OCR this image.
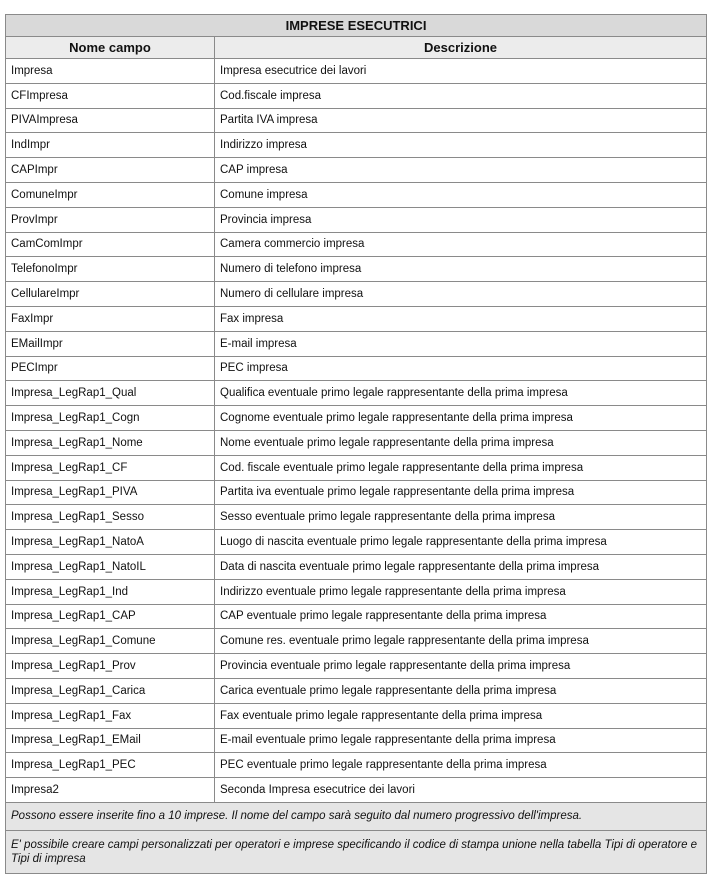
IMPRESE ESECUTRICI	
Nome campo	Descrizione
Impresa	Impresa esecutrice dei lavori
CFImpresa	Cod.fiscale impresa
PIVAImpresa	Partita IVA impresa
IndImpr	Indirizzo impresa
CAPImpr	CAP impresa
ComuneImpr	Comune impresa
ProvImpr	Provincia impresa
CamComImpr	Camera commercio impresa
TelefonoImpr	Numero di telefono impresa
CellulareImpr	Numero di cellulare impresa
FaxImpr	Fax impresa
EMailImpr	E-mail impresa
PECImpr	PEC impresa
Impresa_LegRap1_Qual	Qualifica eventuale primo legale rappresentante della prima impresa
Impresa_LegRap1_Cogn	Cognome eventuale primo legale rappresentante della prima impresa
Impresa_LegRap1_Nome	Nome eventuale primo legale rappresentante della prima impresa
Impresa_LegRap1_CF	Cod. fiscale eventuale primo legale rappresentante della prima impresa
Impresa_LegRap1_PIVA	Partita iva eventuale primo legale rappresentante della prima impresa
Impresa_LegRap1_Sesso	Sesso eventuale primo legale rappresentante della prima impresa
Impresa_LegRap1_NatoA	Luogo di nascita eventuale primo legale rappresentante della prima impresa
Impresa_LegRap1_NatoIL	Data di nascita eventuale primo legale rappresentante della prima impresa
Impresa_LegRap1_Ind	Indirizzo eventuale primo legale rappresentante della prima impresa
Impresa_LegRap1_CAP	CAP eventuale primo legale rappresentante della prima impresa
Impresa_LegRap1_Comune	Comune res. eventuale primo legale rappresentante della prima impresa
Impresa_LegRap1_Prov	Provincia eventuale primo legale rappresentante della prima impresa
Impresa_LegRap1_Carica	Carica eventuale primo legale rappresentante della prima impresa
Impresa_LegRap1_Fax	Fax eventuale primo legale rappresentante della prima impresa
Impresa_LegRap1_EMail	E-mail eventuale primo legale rappresentante della prima impresa
Impresa_LegRap1_PEC	PEC eventuale primo legale rappresentante della prima impresa
Impresa2	Seconda Impresa esecutrice dei lavori
Possono essere inserite fino a 10 imprese. Il nome del campo sarà seguito dal numero progressivo dell'impresa.	
E' possibile creare campi personalizzati per operatori e imprese specificando il codice di stampa unione nella tabella Tipi di operatore e Tipi di impresa	
